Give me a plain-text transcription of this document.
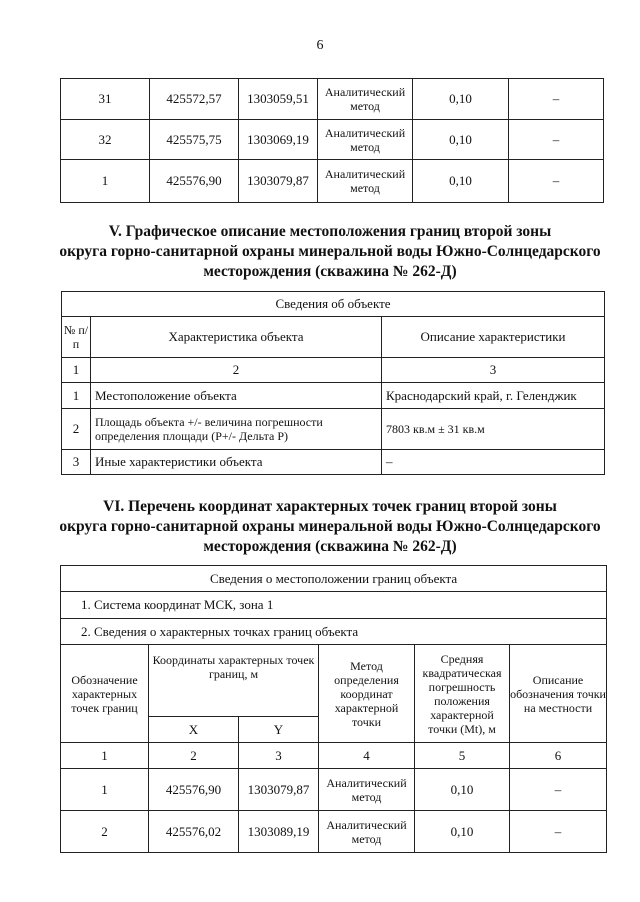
6
31	425572,57	1303059,51	Аналитический метод	0,10	–
32	425575,75	1303069,19	Аналитический метод	0,10	–
1	425576,90	1303079,87	Аналитический метод	0,10	–
V. Графическое описание местоположения границ второй зоны
округа горно-санитарной охраны минеральной воды Южно-Солнцедарского
месторождения (скважина № 262-Д)
Сведения об объекте		
№ п/п	Характеристика объекта	Описание характеристики
1	2	3
1	Местоположение объекта	Краснодарский край, г. Геленджик
2	Площадь объекта +/- величина погрешности определения площади (P+/- Дельта P)	7803 кв.м ± 31 кв.м
3	Иные характеристики объекта	–
VI. Перечень координат характерных точек границ второй зоны
округа горно-санитарной охраны минеральной воды Южно-Солнцедарского
месторождения (скважина № 262-Д)
Сведения о местоположении границ объекта					
1. Система координат МСК, зона 1					
2. Сведения о характерных точках границ объекта					
Обозначение характерных точек границ	Координаты характерных точек границ, м		Метод определения координат характерной точки	Средняя квадратическая погрешность положения характерной точки (Mt), м	Описание обозначения точки на местности
	X	Y			
1	2	3	4	5	6
1	425576,90	1303079,87	Аналитический метод	0,10	–
2	425576,02	1303089,19	Аналитический метод	0,10	–
